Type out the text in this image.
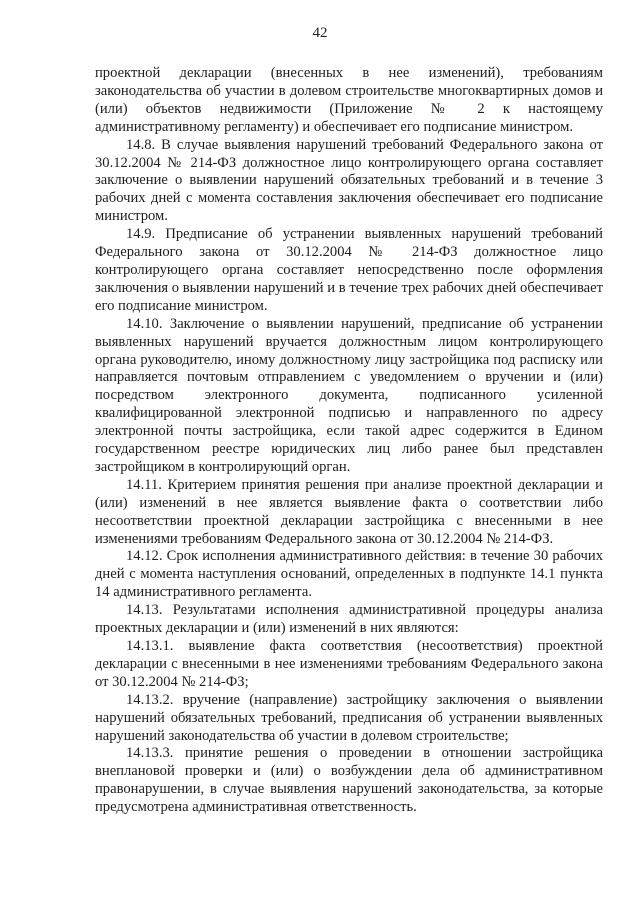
42

проектной декларации (внесенных в нее изменений), требованиям законодательства об участии в долевом строительстве многоквартирных домов и (или) объектов недвижимости (Приложение № 2 к настоящему административному регламенту) и обеспечивает его подписание министром.

14.8. В случае выявления нарушений требований Федерального закона от 30.12.2004 № 214-ФЗ должностное лицо контролирующего органа составляет заключение о выявлении нарушений обязательных требований и в течение 3 рабочих дней с момента составления заключения обеспечивает его подписание министром.

14.9. Предписание об устранении выявленных нарушений требований Федерального закона от 30.12.2004 № 214-ФЗ должностное лицо контролирующего органа составляет непосредственно после оформления заключения о выявлении нарушений и в течение трех рабочих дней обеспечивает его подписание министром.

14.10. Заключение о выявлении нарушений, предписание об устранении выявленных нарушений вручается должностным лицом контролирующего органа руководителю, иному должностному лицу застройщика под расписку или направляется почтовым отправлением с уведомлением о вручении и (или) посредством электронного документа, подписанного усиленной квалифицированной электронной подписью и направленного по адресу электронной почты застройщика, если такой адрес содержится в Едином государственном реестре юридических лиц либо ранее был представлен застройщиком в контролирующий орган.

14.11. Критерием принятия решения при анализе проектной декларации и (или) изменений в нее является выявление факта о соответствии либо несоответствии проектной декларации застройщика с внесенными в нее изменениями требованиям Федерального закона от 30.12.2004 № 214-ФЗ.

14.12. Срок исполнения административного действия: в течение 30 рабочих дней с момента наступления оснований, определенных в подпункте 14.1 пункта 14 административного регламента.

14.13. Результатами исполнения административной процедуры анализа проектных декларации и (или) изменений в них являются:

14.13.1. выявление факта соответствия (несоответствия) проектной декларации с внесенными в нее изменениями требованиям Федерального закона от 30.12.2004 № 214-ФЗ;

14.13.2. вручение (направление) застройщику заключения о выявлении нарушений обязательных требований, предписания об устранении выявленных нарушений законодательства об участии в долевом строительстве;

14.13.3. принятие решения о проведении в отношении застройщика внеплановой проверки и (или) о возбуждении дела об административном правонарушении, в случае выявления нарушений законодательства, за которые предусмотрена административная ответственность.
